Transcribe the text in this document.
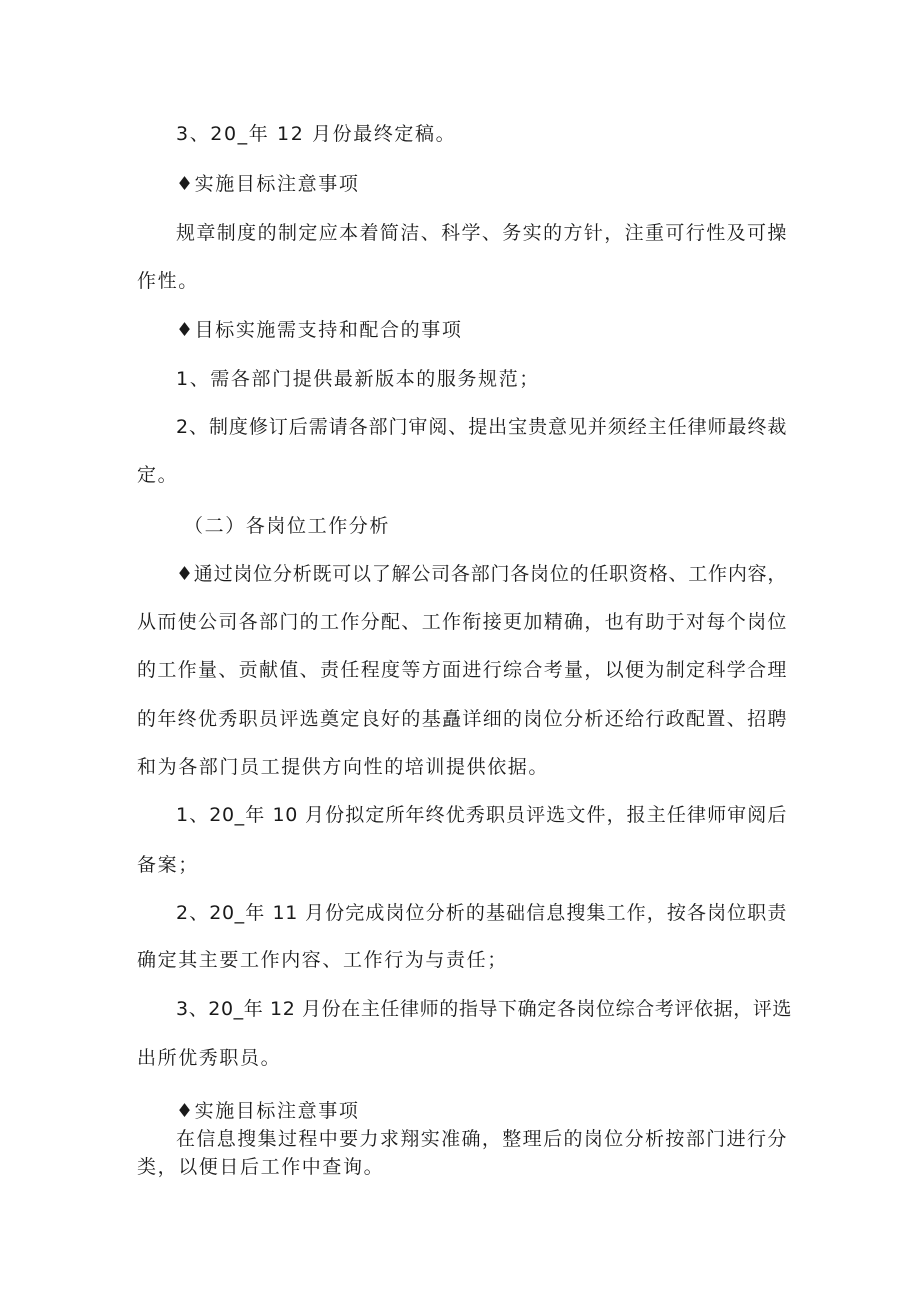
3、20_年 12 月份最终定稿。
♦实施目标注意事项
规章制度的制定应本着简洁、科学、务实的方针，注重可行性及可操
作性。
♦目标实施需支持和配合的事项
1、需各部门提供最新版本的服务规范；
2、制度修订后需请各部门审阅、提出宝贵意见并须经主任律师最终裁
定。
（二）各岗位工作分析
♦通过岗位分析既可以了解公司各部门各岗位的任职资格、工作内容，
从而使公司各部门的工作分配、工作衔接更加精确，也有助于对每个岗位
的工作量、贡献值、责任程度等方面进行综合考量，以便为制定科学合理
的年终优秀职员评选奠定良好的基矗详细的岗位分析还给行政配置、招聘
和为各部门员工提供方向性的培训提供依据。
1、20_年 10 月份拟定所年终优秀职员评选文件，报主任律师审阅后
备案；
2、20_年 11 月份完成岗位分析的基础信息搜集工作，按各岗位职责
确定其主要工作内容、工作行为与责任；
3、20_年 12 月份在主任律师的指导下确定各岗位综合考评依据，评选
出所优秀职员。
♦实施目标注意事项
在信息搜集过程中要力求翔实准确，整理后的岗位分析按部门进行分
类，以便日后工作中查询。
